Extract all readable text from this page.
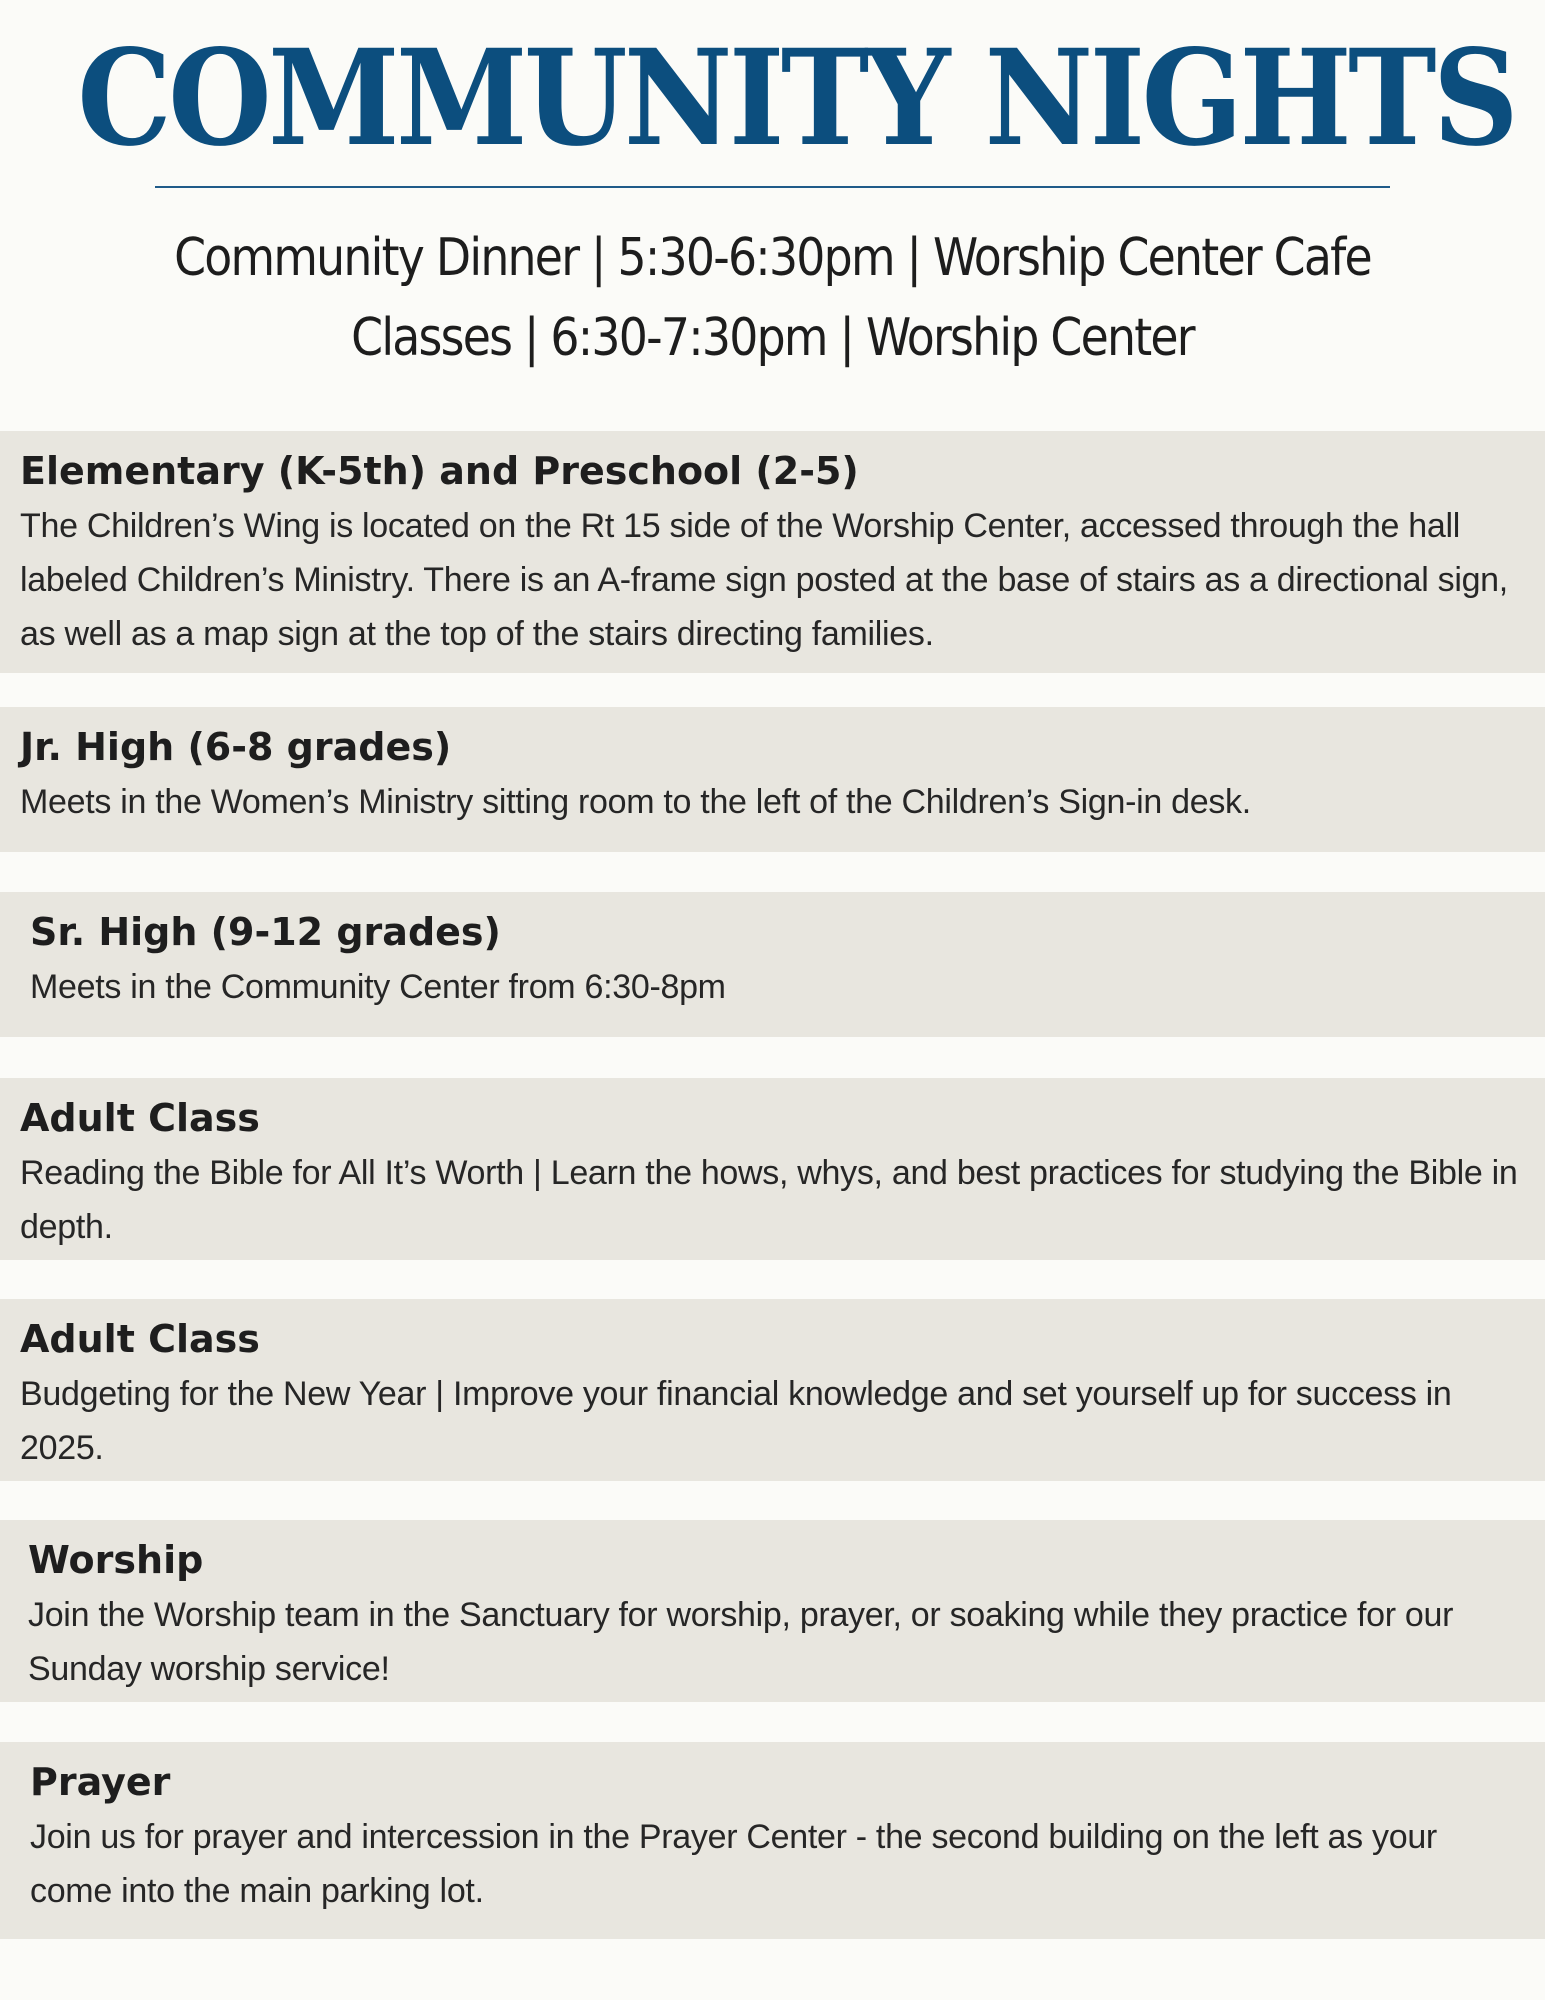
COMMUNITY NIGHTS
Community Dinner | 5:30-6:30pm | Worship Center Cafe
Classes | 6:30-7:30pm | Worship Center
Elementary (K-5th) and Preschool (2-5)
The Children’s Wing is located on the Rt 15 side of the Worship Center, accessed through the hall labeled Children’s Ministry. There is an A-frame sign posted at the base of stairs as a directional sign, as well as a map sign at the top of the stairs directing families.
Jr. High (6-8 grades)
Meets in the Women’s Ministry sitting room to the left of the Children’s Sign-in desk.
Sr. High (9-12 grades)
Meets in the Community Center from 6:30-8pm
Adult Class
Reading the Bible for All It’s Worth | Learn the hows, whys, and best practices for studying the Bible in depth.
Adult Class
Budgeting for the New Year | Improve your financial knowledge and set yourself up for success in 2025.
Worship
Join the Worship team in the Sanctuary for worship, prayer, or soaking while they practice for our Sunday worship service!
Prayer
Join us for prayer and intercession in the Prayer Center - the second building on the left as your come into the main parking lot.
